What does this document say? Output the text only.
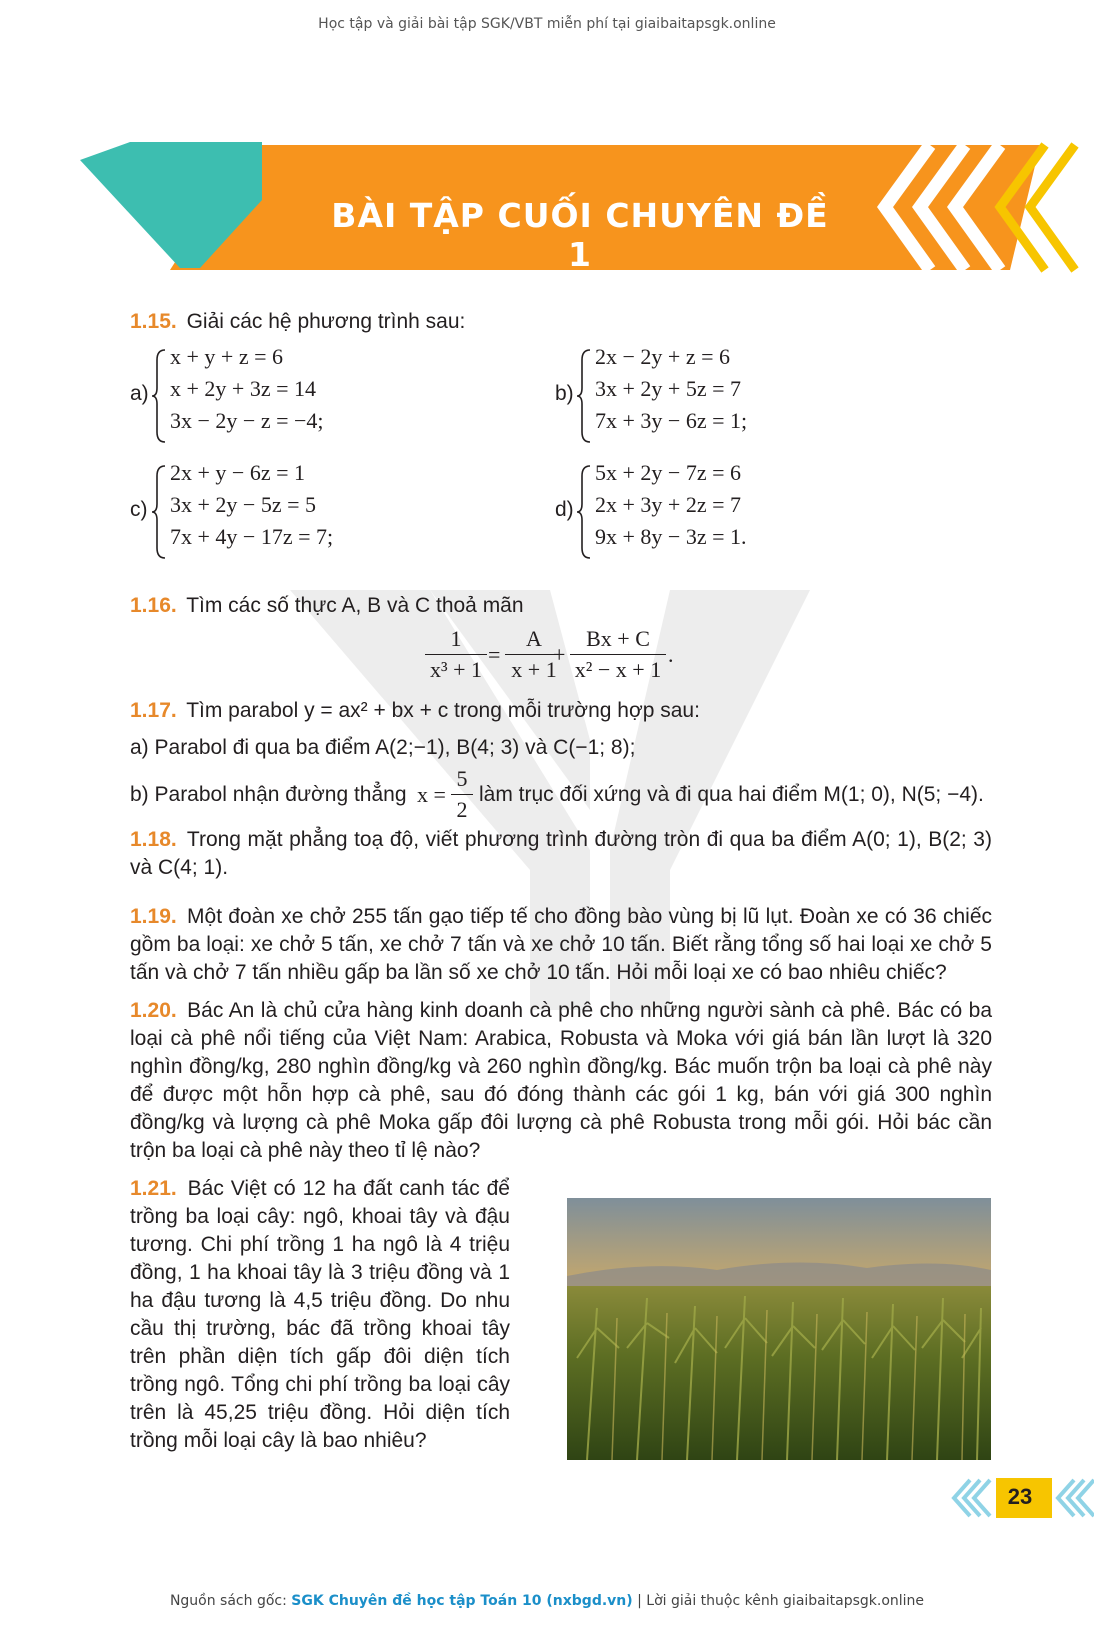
Học tập và giải bài tập SGK/VBT miễn phí tại giaibaitapsgk.online
BÀI TẬP CUỐI CHUYÊN ĐỀ 1
1.15. Giải các hệ phương trình sau:
a)
x + y + z = 6
x + 2y + 3z = 14
3x − 2y − z = −4;
b)
2x − 2y + z = 6
3x + 2y + 5z = 7
7x + 3y − 6z = 1;
c)
2x + y − 6z = 1
3x + 2y − 5z = 5
7x + 4y − 17z = 7;
d)
5x + 2y − 7z = 6
2x + 3y + 2z = 7
9x + 8y − 3z = 1.
1.16. Tìm các số thực A, B và C thoả mãn
$\frac{1}{\text{x³ + 1}} = \frac{A}{x + 1}$
+ $\frac{Bx + C}{\text{x² − x + 1}}$ .
1.17. Tìm parabol y = ax² + bx + c trong mỗi trường hợp sau:
a) Parabol đi qua ba điểm A(2;−1), B(4; 3) và C(−1; 8);
b) Parabol nhận đường thẳng $x = \frac{5}{2}$ làm trục đối xứng và đi qua hai điểm M(1; 0), N(5; −4).
1.18. Trong mặt phẳng toạ độ, viết phương trình đường tròn đi qua ba điểm A(0; 1), B(2; 3) và C(4; 1).
1.19. Một đoàn xe chở 255 tấn gạo tiếp tế cho đồng bào vùng bị lũ lụt. Đoàn xe có 36 chiếc gồm ba loại: xe chở 5 tấn, xe chở 7 tấn và xe chở 10 tấn. Biết rằng tổng số hai loại xe chở 5 tấn và chở 7 tấn nhiều gấp ba lần số xe chở 10 tấn. Hỏi mỗi loại xe có bao nhiêu chiếc?
1.20. Bác An là chủ cửa hàng kinh doanh cà phê cho những người sành cà phê. Bác có ba loại cà phê nổi tiếng của Việt Nam: Arabica, Robusta và Moka với giá bán lần lượt là 320 nghìn đồng/kg, 280 nghìn đồng/kg và 260 nghìn đồng/kg. Bác muốn trộn ba loại cà phê này để được một hỗn hợp cà phê, sau đó đóng thành các gói 1 kg, bán với giá 300 nghìn đồng/kg và lượng cà phê Moka gấp đôi lượng cà phê Robusta trong mỗi gói. Hỏi bác cần trộn ba loại cà phê này theo tỉ lệ nào?
1.21. Bác Việt có 12 ha đất canh tác để trồng ba loại cây: ngô, khoai tây và đậu tương. Chi phí trồng 1 ha ngô là 4 triệu đồng, 1 ha khoai tây là 3 triệu đồng và 1 ha đậu tương là 4,5 triệu đồng. Do nhu cầu thị trường, bác đã trồng khoai tây trên phần diện tích gấp đôi diện tích trồng ngô. Tổng chi phí trồng ba loại cây trên là 45,25 triệu đồng. Hỏi diện tích trồng mỗi loại cây là bao nhiêu?
23
Nguồn sách gốc: SGK Chuyên đề học tập Toán 10 (nxbgd.vn) | Lời giải thuộc kênh giaibaitapsgk.online
